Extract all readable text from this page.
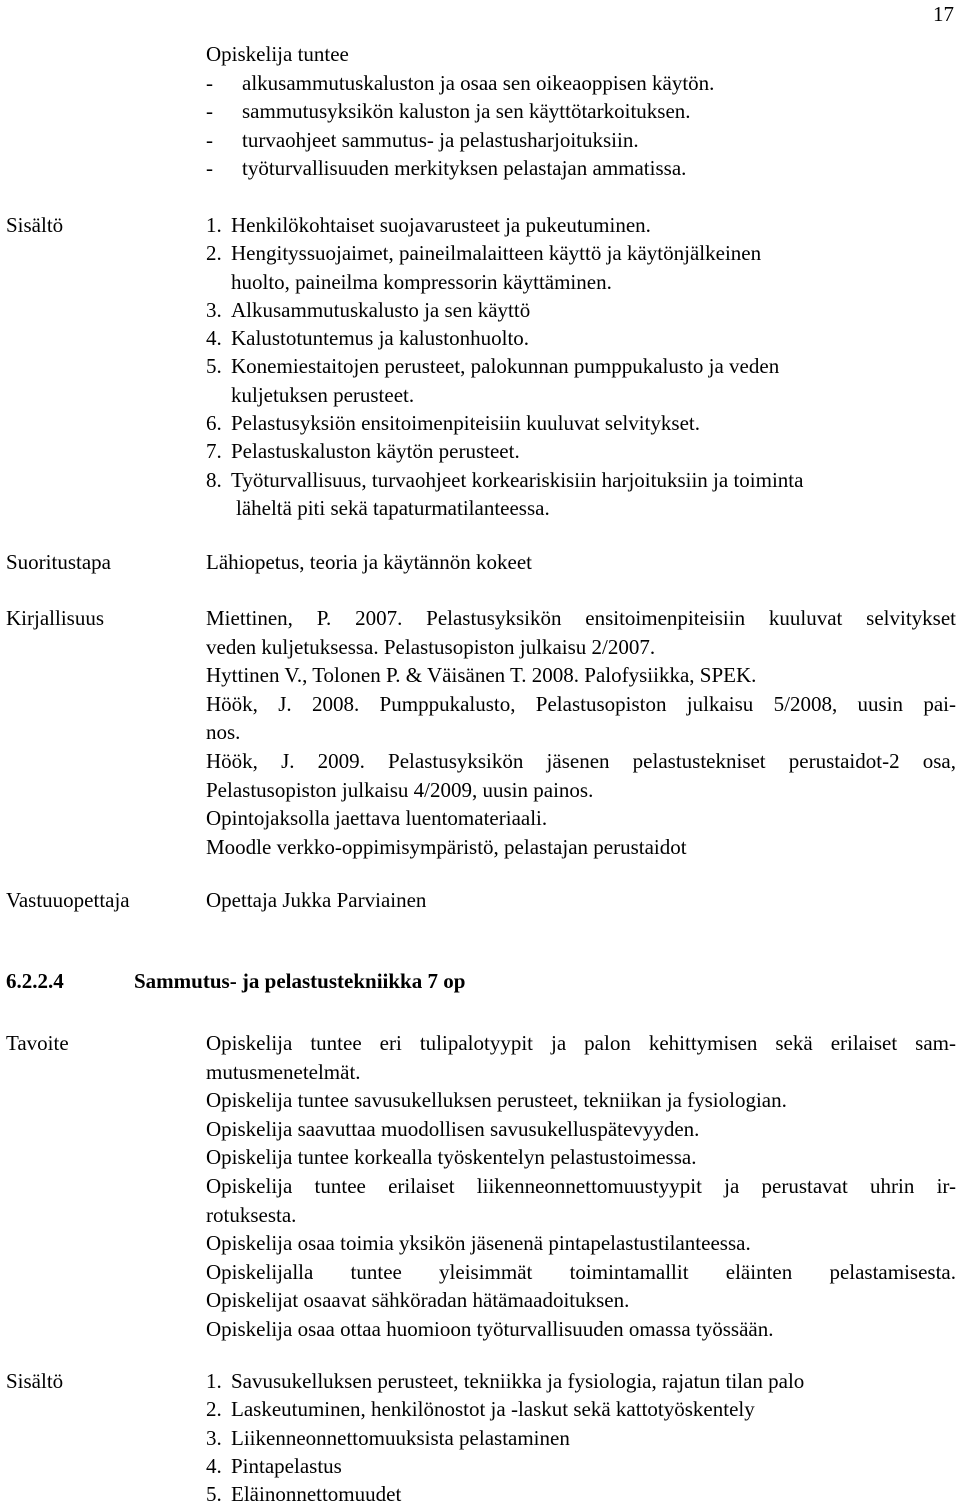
17
Opiskelija tuntee
- alkusammutuskaluston ja osaa sen oikeaoppisen käytön.
- sammutusyksikön kaluston ja sen käyttötarkoituksen.
- turvaohjeet sammutus- ja pelastusharjoituksiin.
- työturvallisuuden merkityksen pelastajan ammatissa.
Sisältö	1. Henkilökohtaiset suojavarusteet ja pukeutuminen.
2. Hengityssuojaimet, paineilmalaitteen käyttö ja käytönjälkeinen
huolto, paineilma kompressorin käyttäminen.
3. Alkusammutuskalusto ja sen käyttö
4. Kalustotuntemus ja kalustonhuolto.
5. Konemiestaitojen perusteet, palokunnan pumppukalusto ja veden
kuljetuksen perusteet.
6. Pelastusyksiön ensitoimenpiteisiin kuuluvat selvitykset.
7. Pelastuskaluston käytön perusteet.
8. Työturvallisuus, turvaohjeet korkeariskisiin harjoituksiin ja toiminta
läheltä piti sekä tapaturmatilanteessa.
Suoritustapa	Lähiopetus, teoria ja käytännön kokeet
Kirjallisuus	Miettinen, P. 2007. Pelastusyksikön ensitoimenpiteisiin kuuluvat selvitykset
veden kuljetuksessa. Pelastusopiston julkaisu 2/2007.
Hyttinen V., Tolonen P. & Väisänen T. 2008. Palofysiikka, SPEK.
Höök, J. 2008. Pumppukalusto, Pelastusopiston julkaisu 5/2008, uusin pai-
nos.
Höök, J. 2009. Pelastusyksikön jäsenen pelastustekniset perustaidot-2 osa,
Pelastusopiston julkaisu 4/2009, uusin painos.
Opintojaksolla jaettava luentomateriaali.
Moodle verkko-oppimisympäristö, pelastajan perustaidot
Vastuuopettaja	Opettaja Jukka Parviainen
6.2.2.4	Sammutus- ja pelastustekniikka 7 op
Tavoite	Opiskelija tuntee eri tulipalotyypit ja palon kehittymisen sekä erilaiset sam-
mutusmenetelmät.
Opiskelija tuntee savusukelluksen perusteet, tekniikan ja fysiologian.
Opiskelija saavuttaa muodollisen savusukelluspätevyyden.
Opiskelija tuntee korkealla työskentelyn pelastustoimessa.
Opiskelija tuntee erilaiset liikenneonnettomuustyypit ja perustavat uhrin ir-
rotuksesta.
Opiskelija osaa toimia yksikön jäsenenä pintapelastustilanteessa.
Opiskelijalla tuntee yleisimmät toimintamallit eläinten pelastamisesta.
Opiskelijat osaavat sähköradan hätämaadoituksen.
Opiskelija osaa ottaa huomioon työturvallisuuden omassa työssään.
Sisältö	1. Savusukelluksen perusteet, tekniikka ja fysiologia, rajatun tilan palo
2. Laskeutuminen, henkilönostot ja -laskut sekä kattotyöskentely
3. Liikenneonnettomuuksista pelastaminen
4. Pintapelastus
5. Eläinonnettomuudet
